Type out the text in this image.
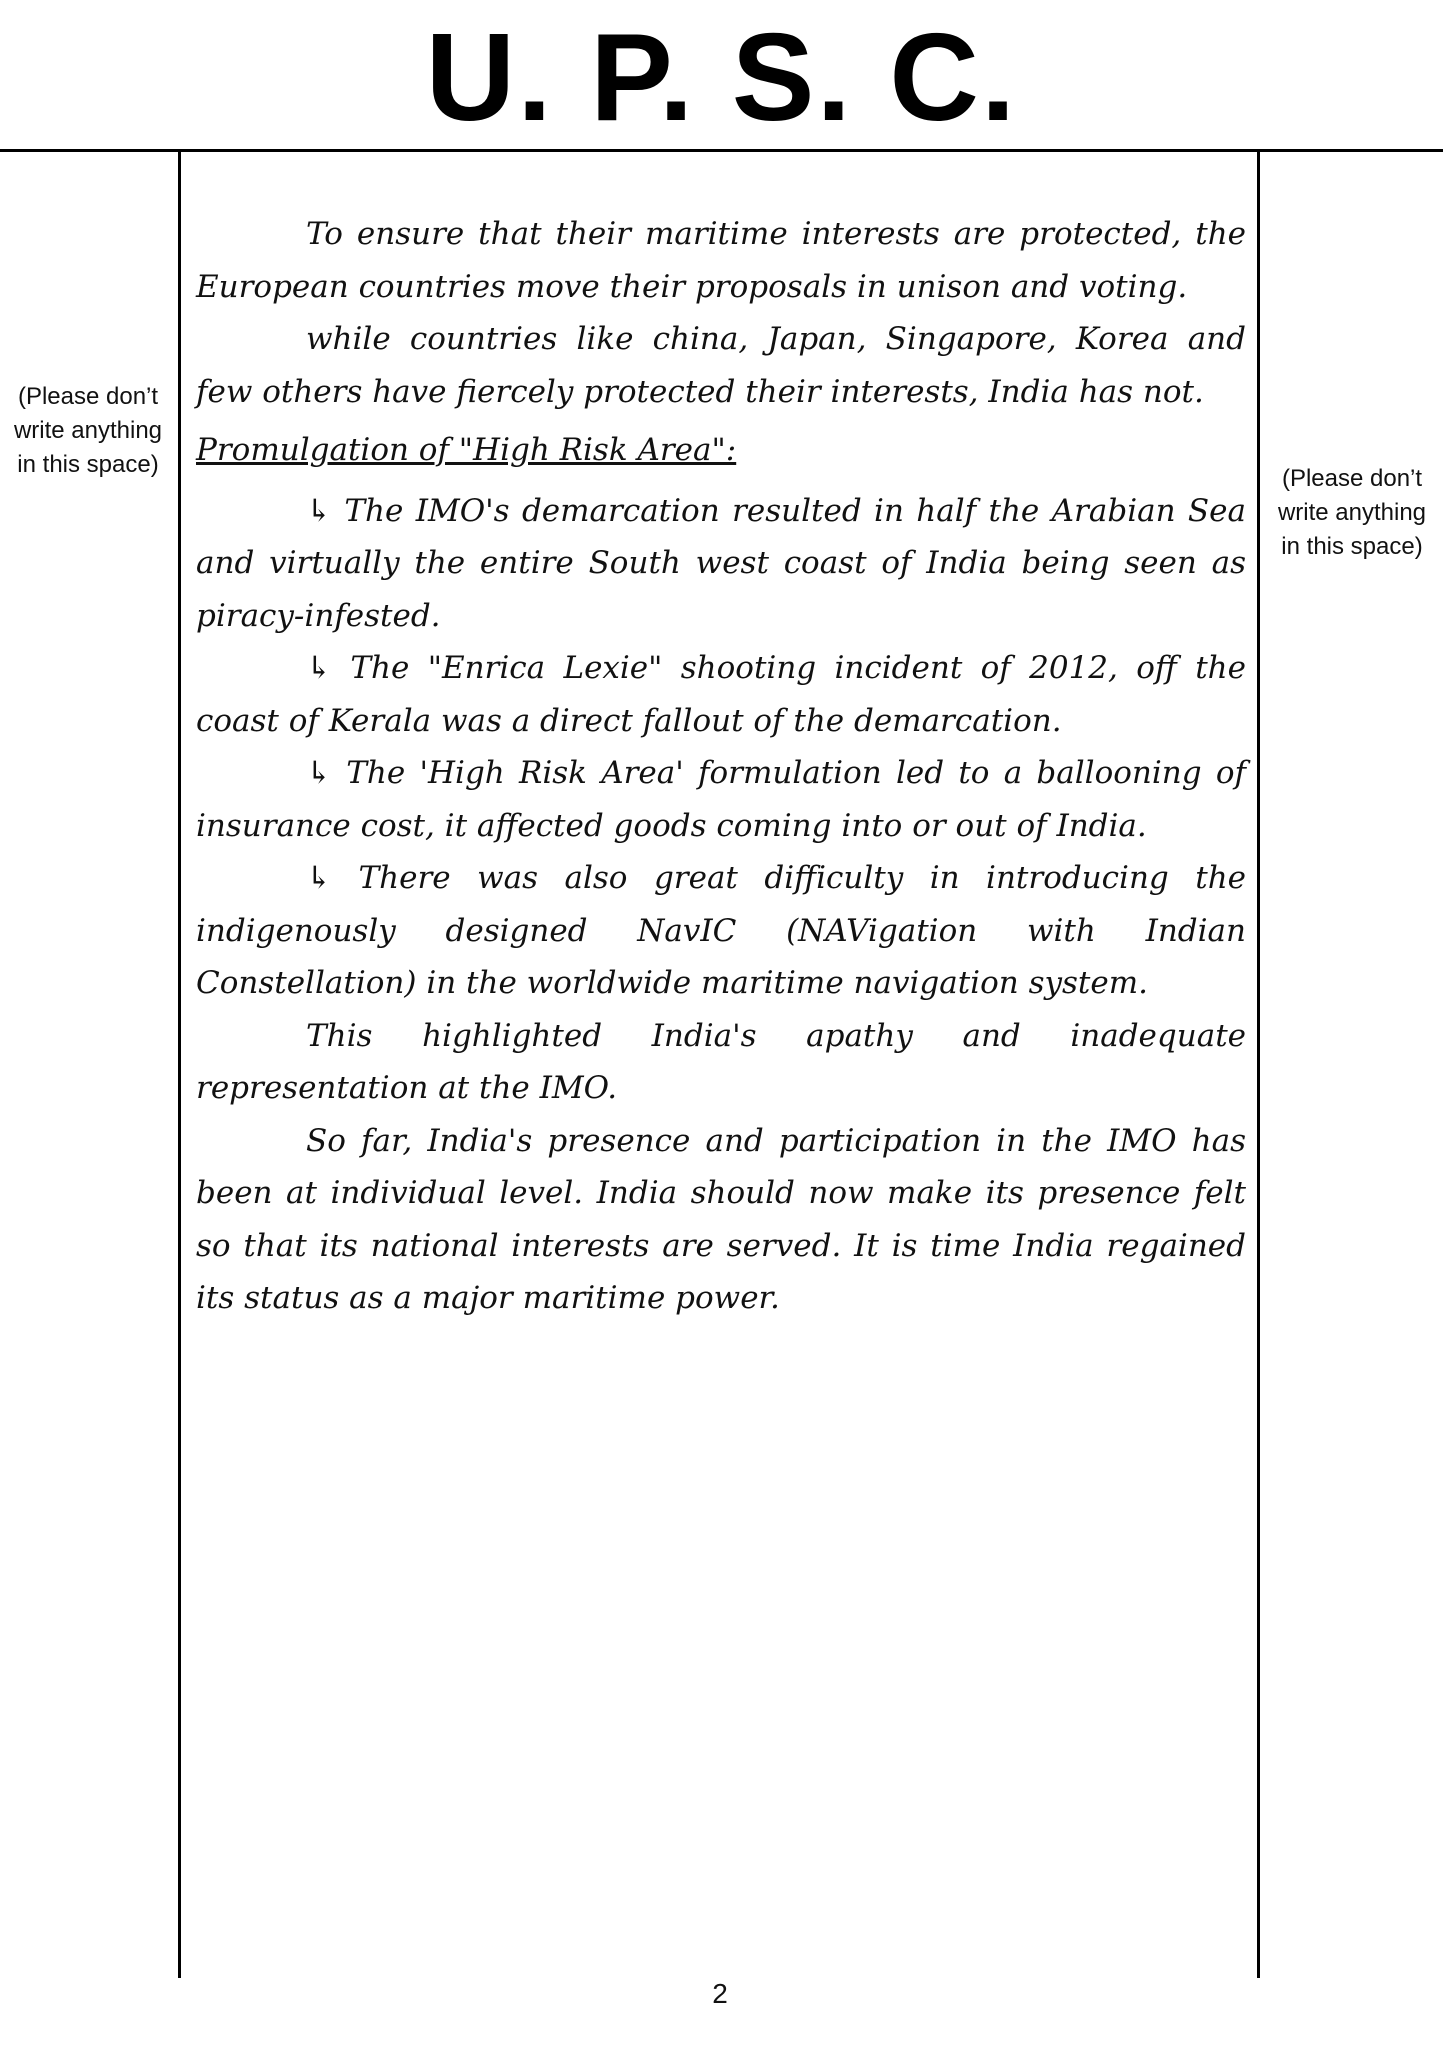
U. P. S. C.
(Please don’t write anything in this space)
(Please don’t write anything in this space)

To ensure that their maritime interests are protected, the European countries move their proposals in unison and voting.

while countries like china, Japan, Singapore, Korea and few others have fiercely protected their interests, India has not.

Promulgation of "High Risk Area":

↳ The IMO's demarcation resulted in half the Arabian Sea and virtually the entire South west coast of India being seen as piracy-infested.

↳ The "Enrica Lexie" shooting incident of 2012, off the coast of Kerala was a direct fallout of the demarcation.

↳ The 'High Risk Area' formulation led to a ballooning of insurance cost, it affected goods coming into or out of India.

↳ There was also great difficulty in introducing the indigenously designed NavIC (NAVigation with Indian Constellation) in the worldwide maritime navigation system.

This highlighted India's apathy and inadequate representation at the IMO.

So far, India's presence and participation in the IMO has been at individual level. India should now make its presence felt so that its national interests are served. It is time India regained its status as a major maritime power.

2
